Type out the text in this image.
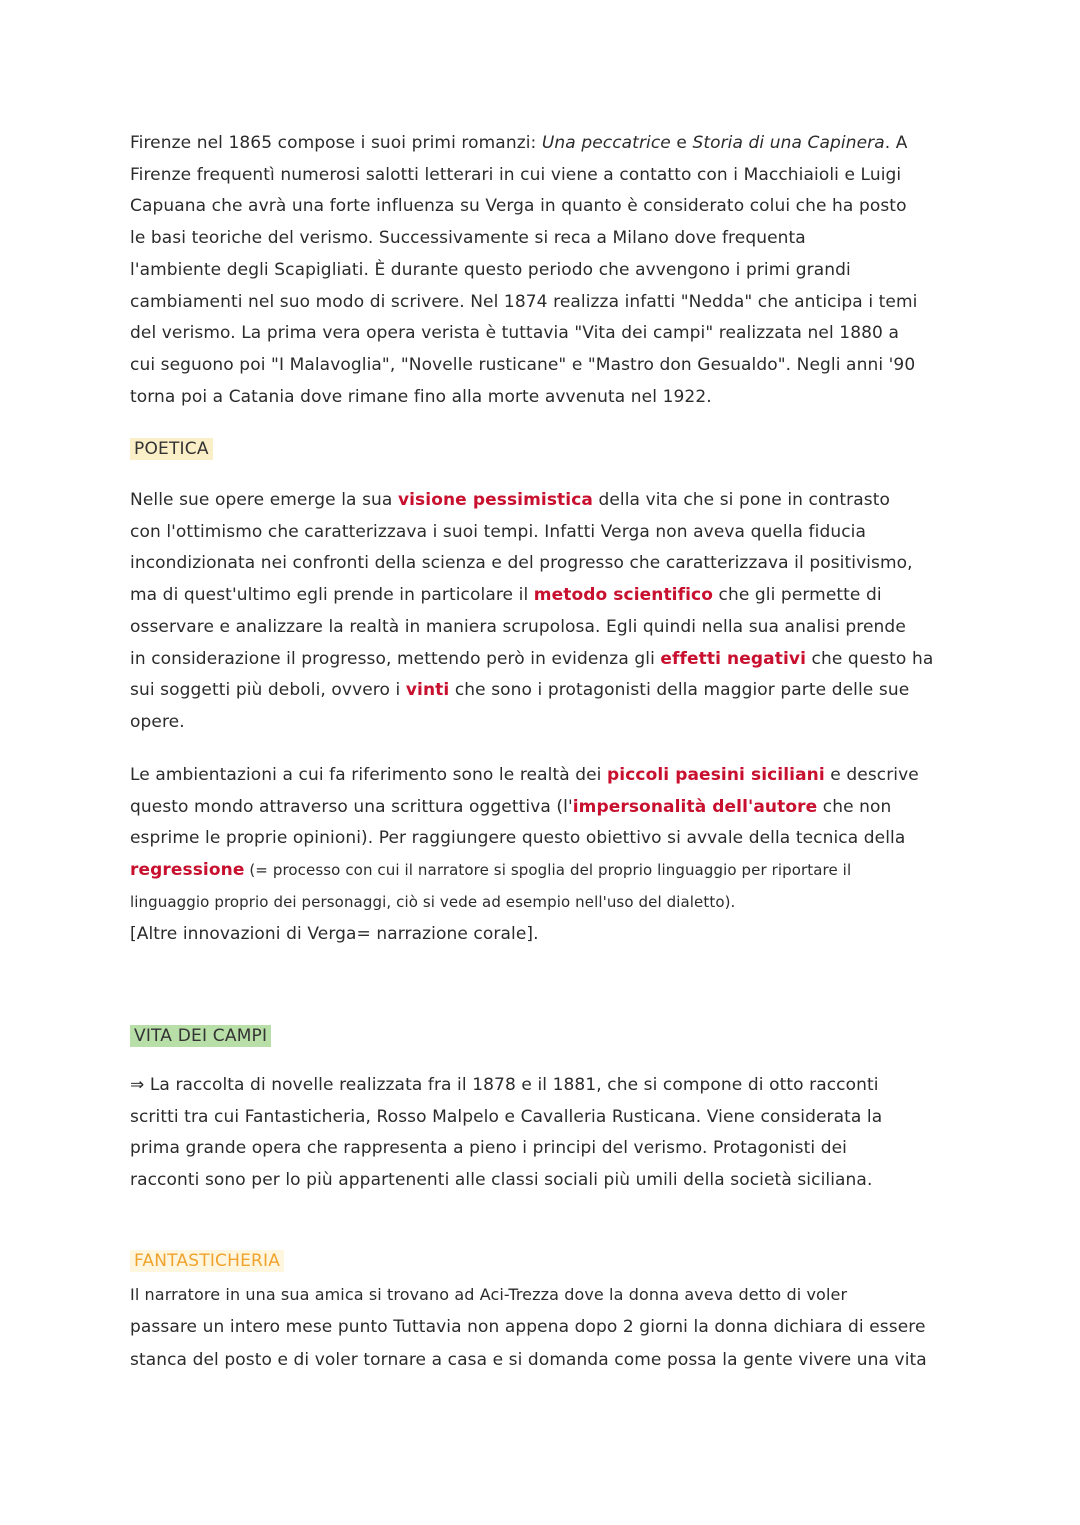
Firenze nel 1865 compose i suoi primi romanzi: Una peccatrice e Storia di una Capinera. A
Firenze frequentì numerosi salotti letterari in cui viene a contatto con i Macchiaioli e Luigi
Capuana che avrà una forte influenza su Verga in quanto è considerato colui che ha posto
le basi teoriche del verismo. Successivamente si reca a Milano dove frequenta
l'ambiente degli Scapigliati. È durante questo periodo che avvengono i primi grandi
cambiamenti nel suo modo di scrivere. Nel 1874 realizza infatti "Nedda" che anticipa i temi
del verismo. La prima vera opera verista è tuttavia "Vita dei campi" realizzata nel 1880 a
cui seguono poi "I Malavoglia", "Novelle rusticane" e "Mastro don Gesualdo". Negli anni '90
torna poi a Catania dove rimane fino alla morte avvenuta nel 1922.
POETICA
Nelle sue opere emerge la sua visione pessimistica della vita che si pone in contrasto
con l'ottimismo che caratterizzava i suoi tempi. Infatti Verga non aveva quella fiducia
incondizionata nei confronti della scienza e del progresso che caratterizzava il positivismo,
ma di quest'ultimo egli prende in particolare il metodo scientifico che gli permette di
osservare e analizzare la realtà in maniera scrupolosa. Egli quindi nella sua analisi prende
in considerazione il progresso, mettendo però in evidenza gli effetti negativi che questo ha
sui soggetti più deboli, ovvero i vinti che sono i protagonisti della maggior parte delle sue
opere.
Le ambientazioni a cui fa riferimento sono le realtà dei piccoli paesini siciliani e descrive
questo mondo attraverso una scrittura oggettiva (l'impersonalità dell'autore che non
esprime le proprie opinioni). Per raggiungere questo obiettivo si avvale della tecnica della
regressione (= processo con cui il narratore si spoglia del proprio linguaggio per riportare il
linguaggio proprio dei personaggi, ciò si vede ad esempio nell'uso del dialetto).
[Altre innovazioni di Verga= narrazione corale].
VITA DEI CAMPI
⇒ La raccolta di novelle realizzata fra il 1878 e il 1881, che si compone di otto racconti
scritti tra cui Fantasticheria, Rosso Malpelo e Cavalleria Rusticana. Viene considerata la
prima grande opera che rappresenta a pieno i principi del verismo. Protagonisti dei
racconti sono per lo più appartenenti alle classi sociali più umili della società siciliana.
FANTASTICHERIA
Il narratore in una sua amica si trovano ad Aci-Trezza dove la donna aveva detto di voler
passare un intero mese punto Tuttavia non appena dopo 2 giorni la donna dichiara di essere
stanca del posto e di voler tornare a casa e si domanda come possa la gente vivere una vita
